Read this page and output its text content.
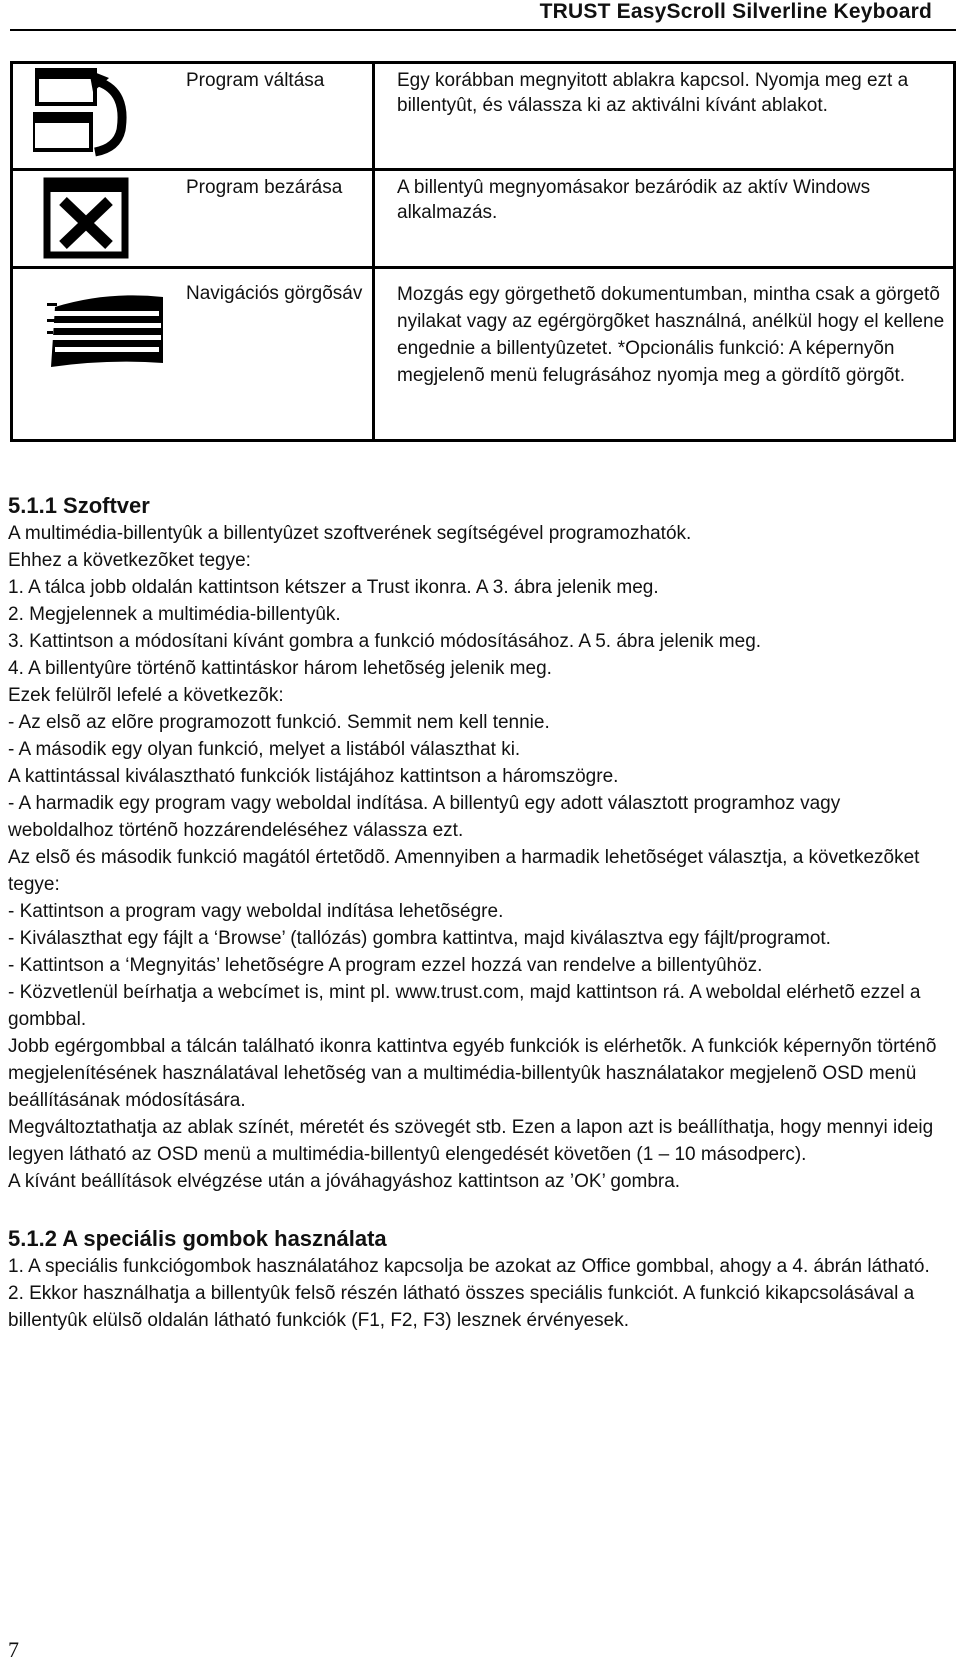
TRUST EasyScroll Silverline Keyboard
	Program váltása	Egy korábban megnyitott ablakra kapcsol. Nyomja meg ezt a billentyût, és válassza ki az aktiválni kívánt ablakot.

	Program bezárása	A billentyû megnyomásakor bezáródik az aktív Windows alkalmazás.

	Navigációs görgõsáv	Mozgás egy görgethetõ dokumentumban, mintha csak a görgetõ nyilakat vagy az egérgörgõket használná, anélkül hogy el kellene engednie a billentyûzetet. *Opcionális funkció: A képernyõn megjelenõ menü felugrásához nyomja meg a gördítõ görgõt.
5.1.1 Szoftver

A multimédia-billentyûk a billentyûzet szoftverének segítségével programozhatók.

Ehhez a következõket tegye:

1. A tálca jobb oldalán kattintson kétszer a Trust ikonra. A 3. ábra jelenik meg.

2. Megjelennek a multimédia-billentyûk.

3. Kattintson a módosítani kívánt gombra a funkció módosításához. A 5. ábra jelenik meg.

4. A billentyûre történõ kattintáskor három lehetõség jelenik meg.

Ezek felülrõl lefelé a következõk:

- Az elsõ az elõre programozott funkció. Semmit nem kell tennie.

- A második egy olyan funkció, melyet a listából választhat ki.

A kattintással kiválasztható funkciók listájához kattintson a háromszögre.

- A harmadik egy program vagy weboldal indítása. A billentyû egy adott választott programhoz vagy weboldalhoz történõ hozzárendeléséhez válassza ezt.

Az elsõ és második funkció magától értetõdõ. Amennyiben a harmadik lehetõséget választja, a következõket tegye:

- Kattintson a program vagy weboldal indítása lehetõségre.

- Kiválaszthat egy fájlt a ‘Browse’ (tallózás) gombra kattintva, majd kiválasztva egy fájlt/programot.

- Kattintson a ‘Megnyitás’ lehetõségre A program ezzel hozzá van rendelve a billentyûhöz.

- Közvetlenül beírhatja a webcímet is, mint pl. www.trust.com, majd kattintson rá. A weboldal elérhetõ ezzel a gombbal.

Jobb egérgombbal a tálcán található ikonra kattintva egyéb funkciók is elérhetõk. A funkciók képernyõn történõ megjelenítésének használatával lehetõség van a multimédia-billentyûk használatakor megjelenõ OSD menü beállításának módosítására.

Megváltoztathatja az ablak színét, méretét és szövegét stb. Ezen a lapon azt is beállíthatja, hogy mennyi ideig legyen látható az OSD menü a multimédia-billentyû elengedését követõen (1 – 10 másodperc).

A kívánt beállítások elvégzése után a jóváhagyáshoz kattintson az ’OK’ gombra.

5.1.2 A speciális gombok használata

1. A speciális funkciógombok használatához kapcsolja be azokat az Office gombbal, ahogy a 4. ábrán látható.

2. Ekkor használhatja a billentyûk felsõ részén látható összes speciális funkciót. A funkció kikapcsolásával a billentyûk elülsõ oldalán látható funkciók (F1, F2, F3) lesznek érvényesek.

7
